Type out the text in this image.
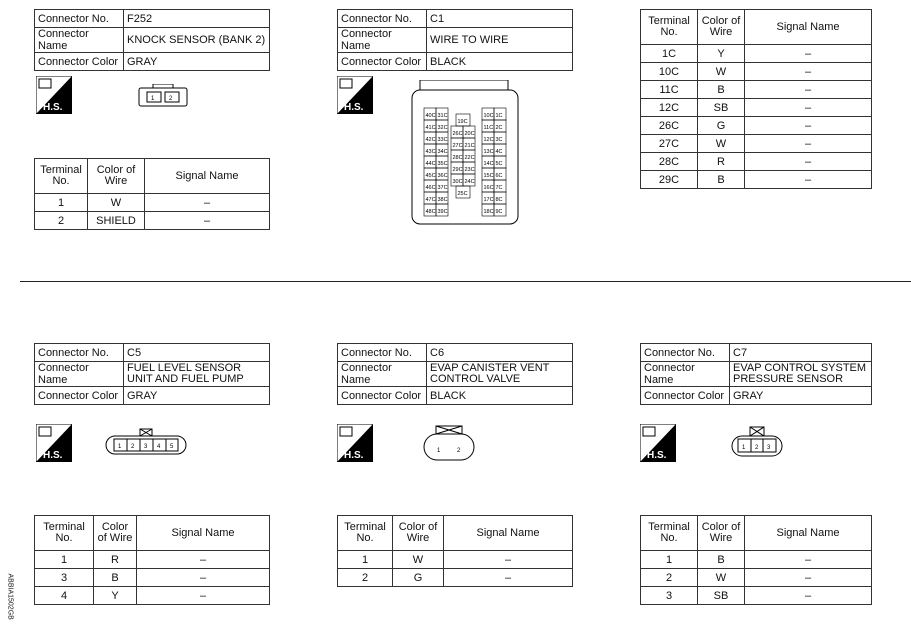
Connector No.	F252
Connector Name	KNOCK SENSOR (BANK 2)
Connector Color	GRAY
H.S.
1 2
Terminal No.	Color of Wire	Signal Name
1	W	–
2	SHIELD	–
Connector No.	C1
Connector Name	WIRE TO WIRE
Connector Color	BLACK
H.S.
40C 31C
41C 32C
42C 33C
43C 34C
44C 35C
45C 36C
46C 37C
47C 38C
48C 39C
10C 1C
11C 2C
12C 3C
13C 4C
14C 5C
15C 6C
16C 7C
17C 8C
18C 9C
19C
26C 20C
27C 21C
28C 22C
29C 23C
30C 24C
25C
Terminal No.	Color of Wire	Signal Name
1C	Y	–
10C	W	–
11C	B	–
12C	SB	–
26C	G	–
27C	W	–
28C	R	–
29C	B	–
Connector No.	C5
Connector Name	FUEL LEVEL SENSOR UNIT AND FUEL PUMP
Connector Color	GRAY
H.S.
1 2 3 4 5
Terminal No.	Color of Wire	Signal Name
1	R	–
3	B	–
4	Y	–
Connector No.	C6
Connector Name	EVAP CANISTER VENT CONTROL VALVE
Connector Color	BLACK
H.S.	1	2
Terminal No.	Color of Wire	Signal Name
1	W	–
2	G	–
Connector No.	C7
Connector Name	EVAP CONTROL SYSTEM PRESSURE SENSOR
Connector Color	GRAY
H.S.
1 2 3
Terminal No.	Color of Wire	Signal Name
1	B	–
2	W	–
3	SB	–
ABBIA1502GB
